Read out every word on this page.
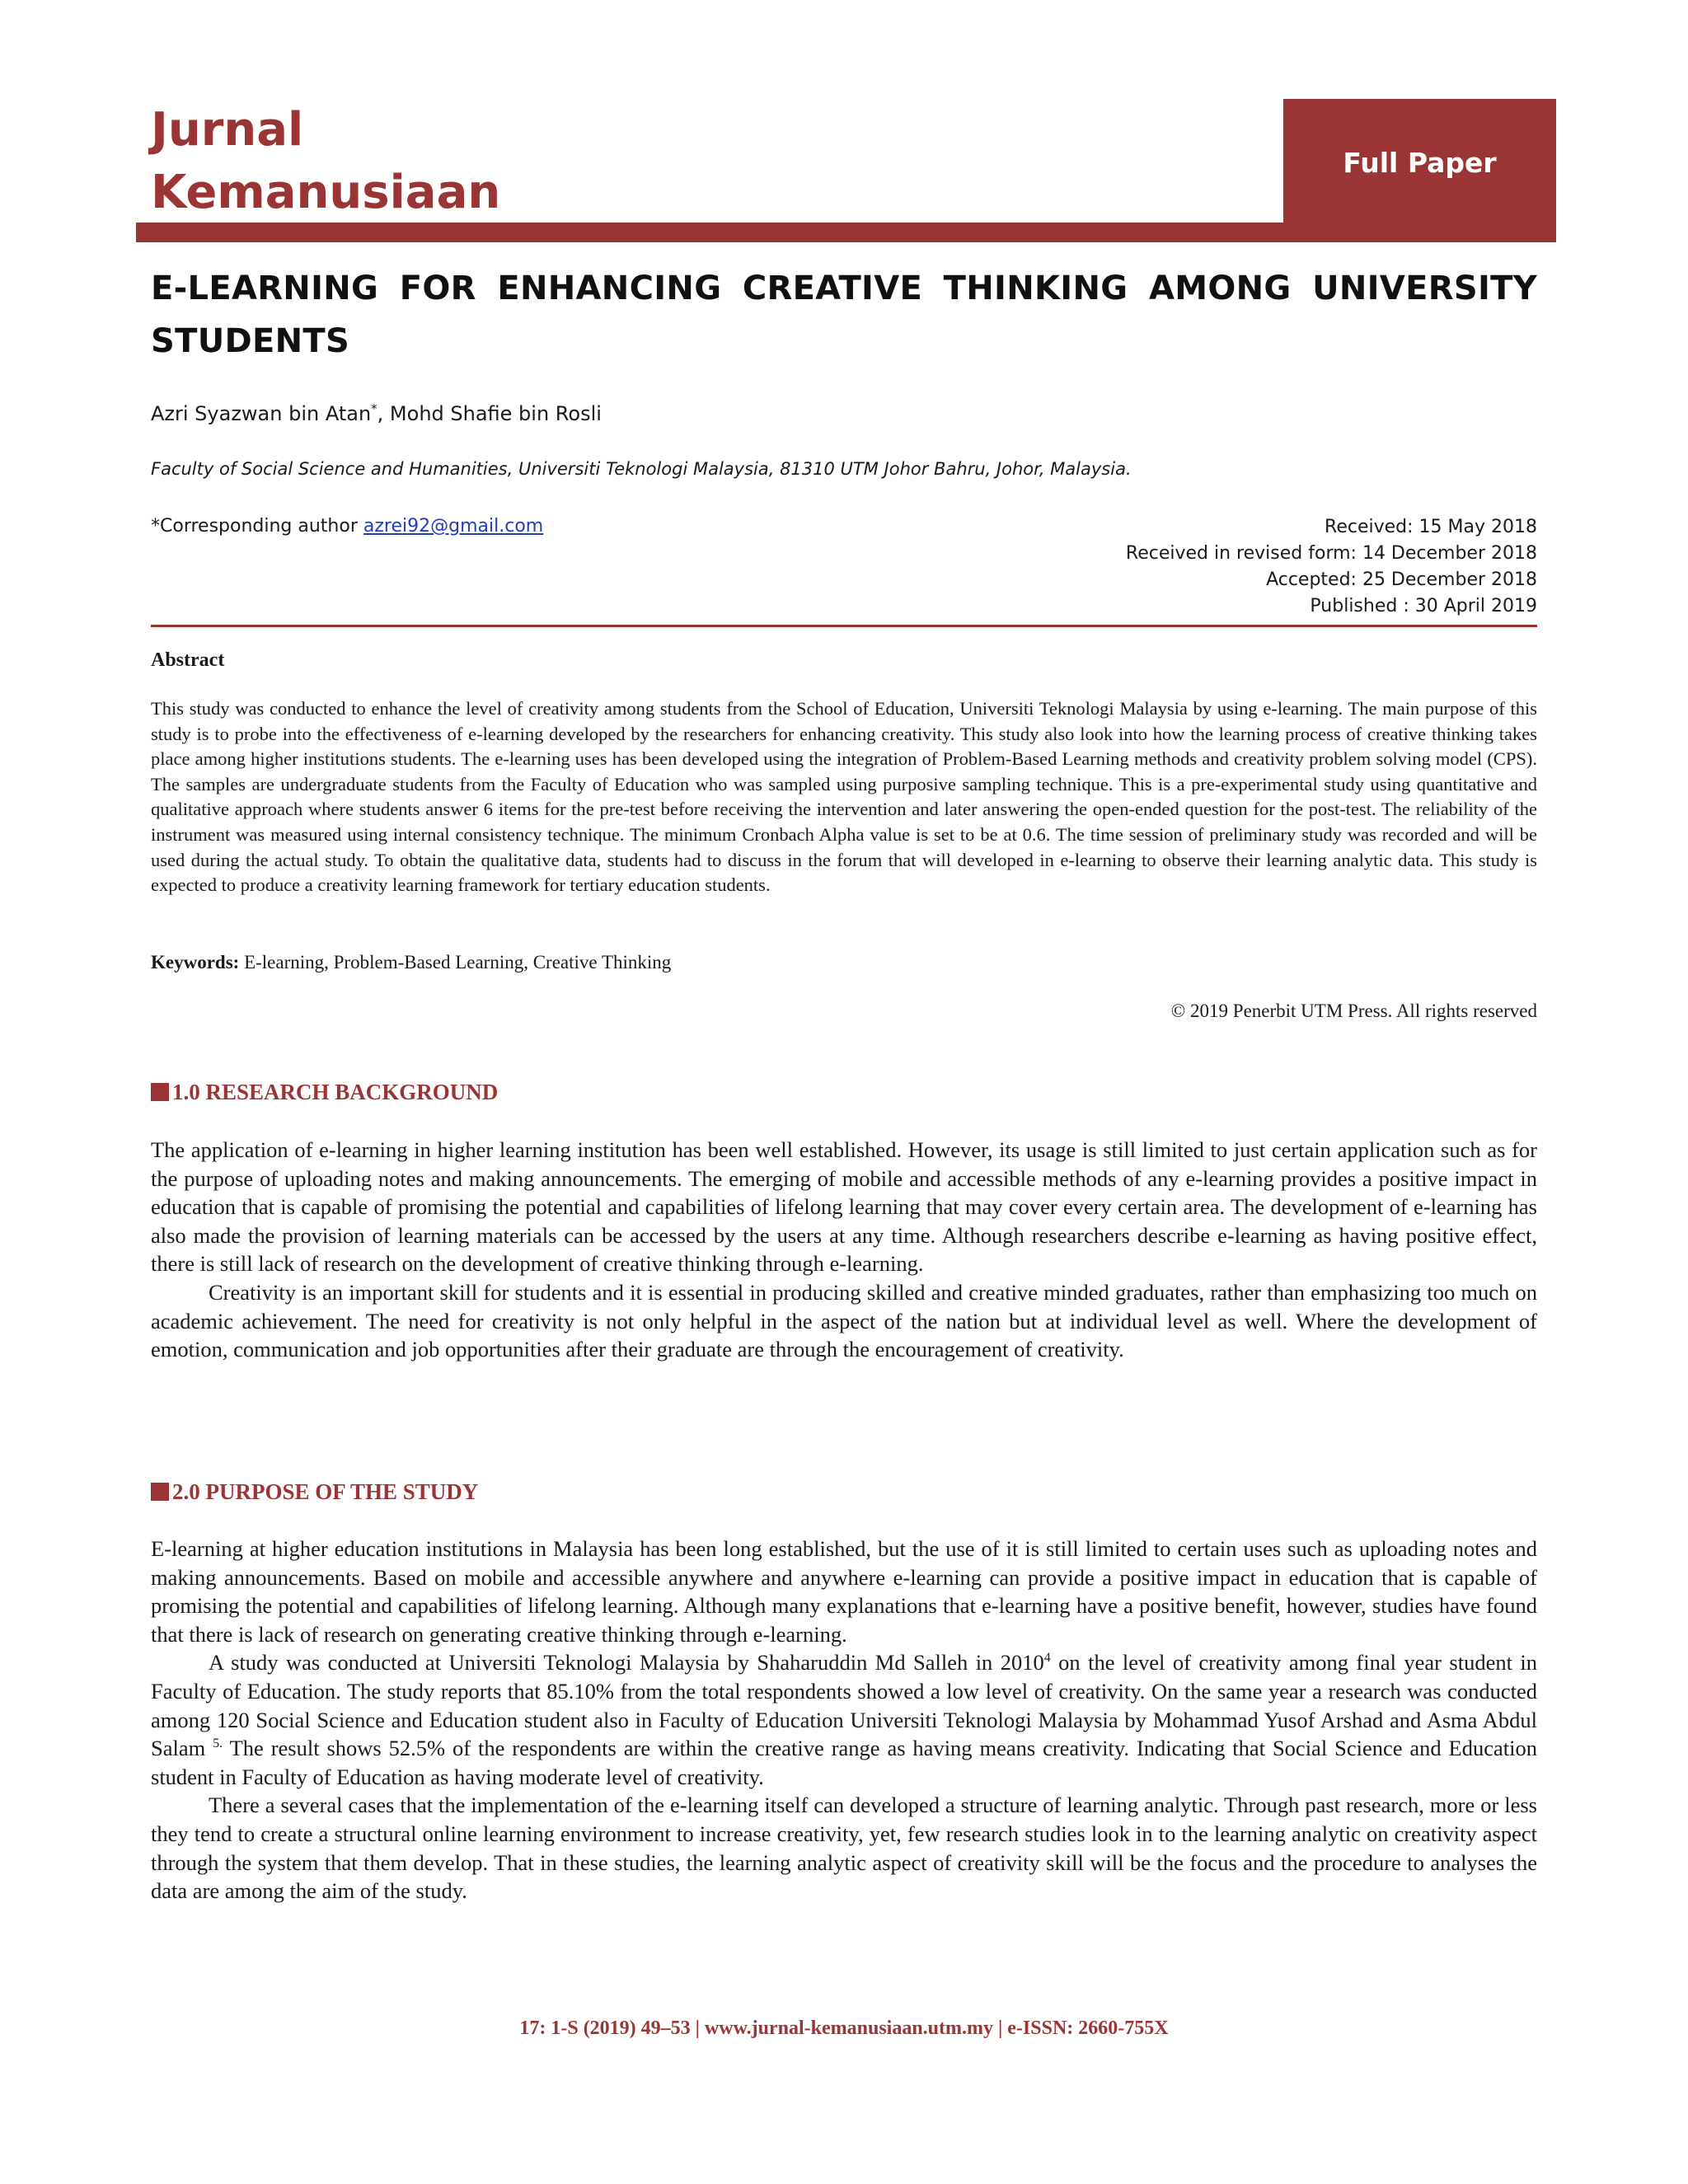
Jurnal
Kemanusiaan
Full Paper
E-LEARNING FOR ENHANCING CREATIVE THINKING AMONG UNIVERSITY STUDENTS
Azri Syazwan bin Atan*, Mohd Shafie bin Rosli
Faculty of Social Science and Humanities, Universiti Teknologi Malaysia, 81310 UTM Johor Bahru, Johor, Malaysia.
*Corresponding author azrei92@gmail.com	Received: 15 May 2018
Received in revised form: 14 December 2018
Accepted: 25 December 2018
Published : 30 April 2019
Abstract
This study was conducted to enhance the level of creativity among students from the School of Education, Universiti Teknologi Malaysia by using e-learning. The main purpose of this study is to probe into the effectiveness of e-learning developed by the researchers for enhancing creativity. This study also look into how the learning process of creative thinking takes place among higher institutions students. The e-learning uses has been developed using the integration of Problem-Based Learning methods and creativity problem solving model (CPS). The samples are undergraduate students from the Faculty of Education who was sampled using purposive sampling technique. This is a pre-experimental study using quantitative and qualitative approach where students answer 6 items for the pre-test before receiving the intervention and later answering the open-ended question for the post-test. The reliability of the instrument was measured using internal consistency technique. The minimum Cronbach Alpha value is set to be at 0.6. The time session of preliminary study was recorded and will be used during the actual study. To obtain the qualitative data, students had to discuss in the forum that will developed in e-learning to observe their learning analytic data. This study is expected to produce a creativity learning framework for tertiary education students.
Keywords: E-learning, Problem-Based Learning, Creative Thinking
© 2019 Penerbit UTM Press. All rights reserved
1.0 RESEARCH BACKGROUND

The application of e-learning in higher learning institution has been well established. However, its usage is still limited to just certain application such as for the purpose of uploading notes and making announcements. The emerging of mobile and accessible methods of any e-learning provides a positive impact in education that is capable of promising the potential and capabilities of lifelong learning that may cover every certain area. The development of e-learning has also made the provision of learning materials can be accessed by the users at any time. Although researchers describe e-learning as having positive effect, there is still lack of research on the development of creative thinking through e-learning.

Creativity is an important skill for students and it is essential in producing skilled and creative minded graduates, rather than emphasizing too much on academic achievement. The need for creativity is not only helpful in the aspect of the nation but at individual level as well. Where the development of emotion, communication and job opportunities after their graduate are through the encouragement of creativity.

2.0 PURPOSE OF THE STUDY

E-learning at higher education institutions in Malaysia has been long established, but the use of it is still limited to certain uses such as uploading notes and making announcements. Based on mobile and accessible anywhere and anywhere e-learning can provide a positive impact in education that is capable of promising the potential and capabilities of lifelong learning. Although many explanations that e-learning have a positive benefit, however, studies have found that there is lack of research on generating creative thinking through e-learning.

A study was conducted at Universiti Teknologi Malaysia by Shaharuddin Md Salleh in 2010$^4$ on the level of creativity among final year student in Faculty of Education. The study reports that 85.10% from the total respondents showed a low level of creativity. On the same year a research was conducted among 120 Social Science and Education student also in Faculty of Education Universiti Teknologi Malaysia by Mohammad Yusof Arshad and Asma Abdul Salam $^{5.}$ The result shows 52.5% of the respondents are within the creative range as having means creativity. Indicating that Social Science and Education student in Faculty of Education as having moderate level of creativity.

There a several cases that the implementation of the e-learning itself can developed a structure of learning analytic. Through past research, more or less they tend to create a structural online learning environment to increase creativity, yet, few research studies look in to the learning analytic on creativity aspect through the system that them develop. That in these studies, the learning analytic aspect of creativity skill will be the focus and the procedure to analyses the data are among the aim of the study.

17: 1-S (2019) 49–53 | www.jurnal-kemanusiaan.utm.my | e-ISSN: 2660-755X
